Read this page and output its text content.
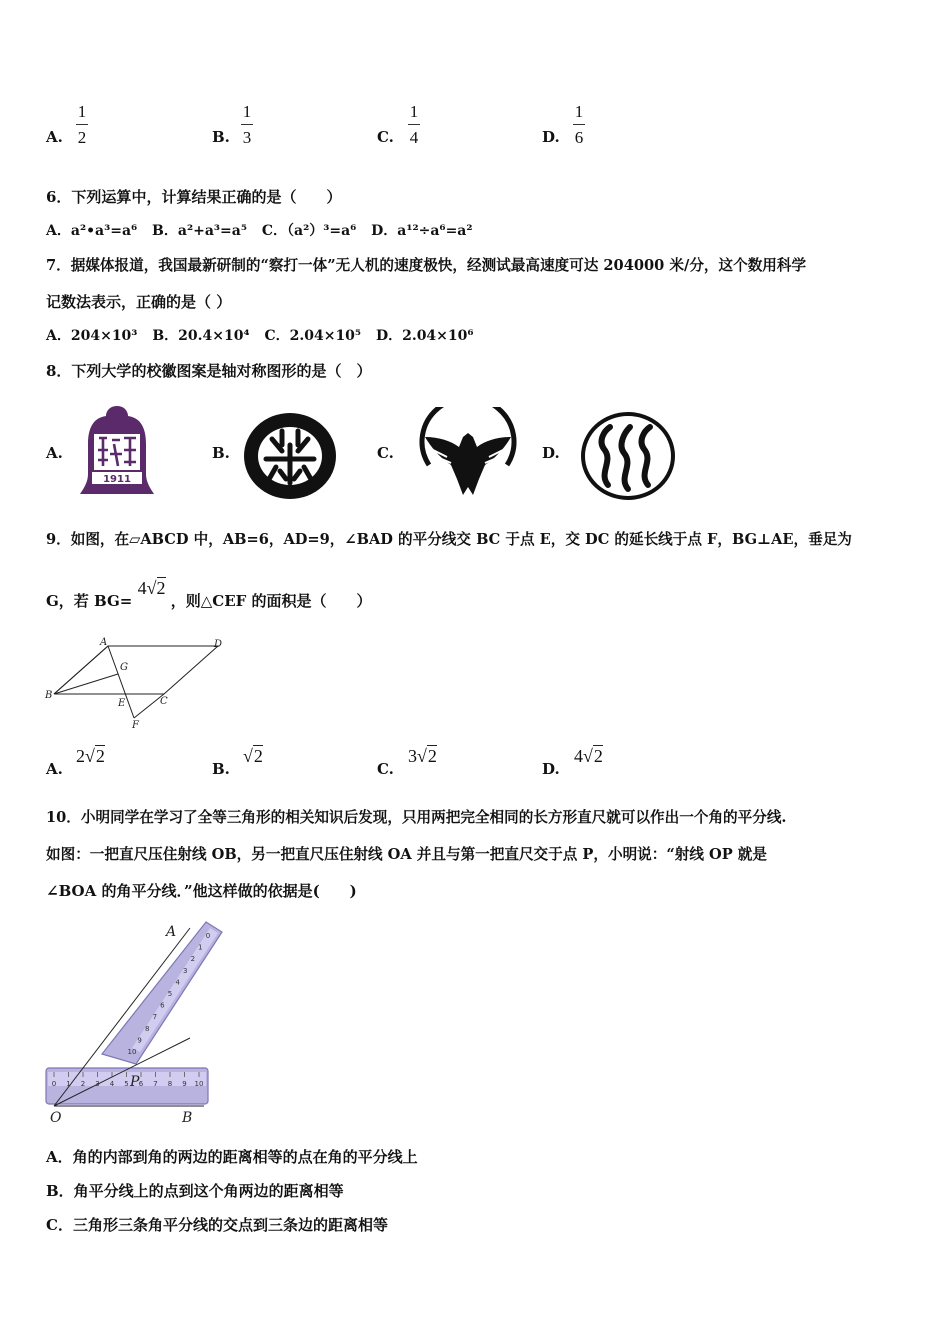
A.
1
2	B.
1
3	C.
1
4	D.
1
6
6．下列运算中，计算结果正确的是（　　）
A．a²•a³=a⁶ B．a²+a³=a⁵ C．（a²）³=a⁶ D．a¹²÷a⁶=a²
7．据媒体报道，我国最新研制的“察打一体”无人机的速度极快，经测试最高速度可达 204000 米/分，这个数用科学
记数法表示，正确的是（ ）
A．204×10³ B．20.4×10⁴ C．2.04×10⁵ D．2.04×10⁶
8．下列大学的校徽图案是轴对称图形的是（　）
A.
1911
B.	C.	D.
9．如图，在▱ABCD 中，AB=6，AD=9，∠BAD 的平分线交 BC 于点 E，交 DC 的延长线于点 F，BG⊥AE，垂足为
G，若 BG= 4√2 ，则△CEF 的面积是（　　）
A
B
C
D
E
F
G
A.
2√2
B.
√2
C.
3√2
D.
4√2
10．小明同学在学习了全等三角形的相关知识后发现，只用两把完全相同的长方形直尺就可以作出一个角的平分线.
如图：一把直尺压住射线 OB，另一把直尺压住射线 OA 并且与第一把直尺交于点 P，小明说：“射线 OP 就是
∠BOA 的角平分线．”他这样做的依据是(　　)
0
1
2
3
4
5
6
7
8
9
10
0 1 2 3 4 5 6 7 8 9 10
A
O	B
P
A．角的内部到角的两边的距离相等的点在角的平分线上
B．角平分线上的点到这个角两边的距离相等
C．三角形三条角平分线的交点到三条边的距离相等
